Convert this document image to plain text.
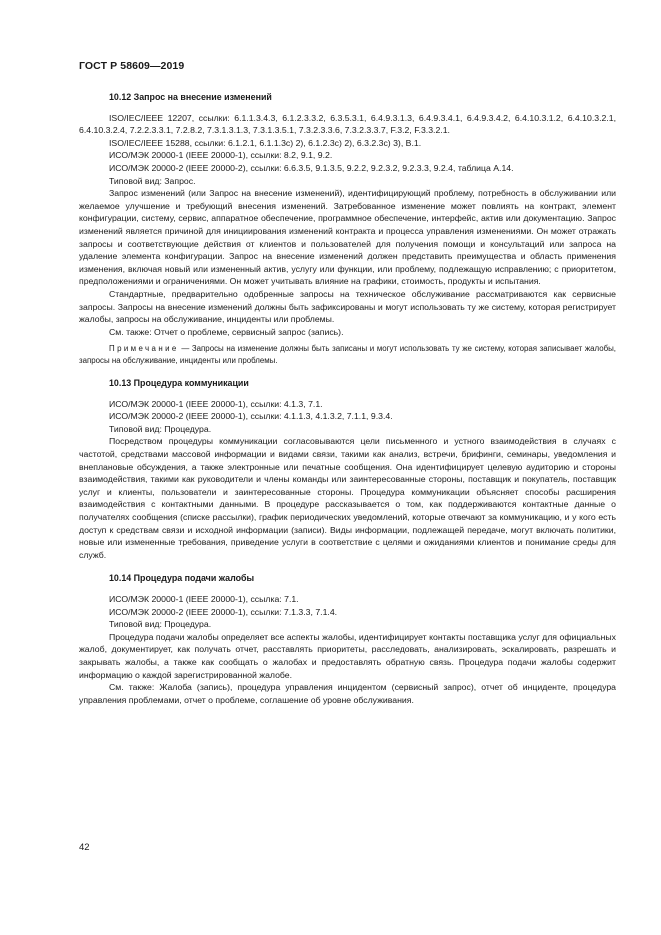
ГОСТ Р 58609—2019

10.12 Запрос на внесение изменений

ISO/IEC/IEEE 12207, ссылки: 6.1.1.3.4.3, 6.1.2.3.3.2, 6.3.5.3.1, 6.4.9.3.1.3, 6.4.9.3.4.1, 6.4.9.3.4.2, 6.4.10.3.1.2, 6.4.10.3.2.1, 6.4.10.3.2.4, 7.2.2.3.3.1, 7.2.8.2, 7.3.1.3.1.3, 7.3.1.3.5.1, 7.3.2.3.3.6, 7.3.2.3.3.7, F.3.2, F.3.3.2.1.

ISO/IEC/IEEE 15288, ссылки: 6.1.2.1, 6.1.1.3c) 2), 6.1.2.3c) 2), 6.3.2.3c) 3), B.1.

ИСО/МЭК 20000-1 (IEEE 20000-1), ссылки: 8.2, 9.1, 9.2.

ИСО/МЭК 20000-2 (IEEE 20000-2), ссылки: 6.6.3.5, 9.1.3.5, 9.2.2, 9.2.3.2, 9.2.3.3, 9.2.4, таблица A.14.

Типовой вид: Запрос.

Запрос изменений (или Запрос на внесение изменений), идентифицирующий проблему, потребность в обслуживании или желаемое улучшение и требующий внесения изменений. Затребованное изменение может повлиять на контракт, элемент конфигурации, систему, сервис, аппаратное обеспечение, программное обеспечение, интерфейс, актив или документацию. Запрос изменений является причиной для инициирования изменений контракта и процесса управления изменениями. Он может отражать запросы и соответствующие действия от клиентов и пользователей для получения помощи и консультаций или запроса на удаление элемента конфигурации. Запрос на внесение изменений должен представить преимущества и область применения изменения, включая новый или измененный актив, услугу или функции, или проблему, подлежащую исправлению; с приоритетом, предположениями и ограничениями. Он может учитывать влияние на графики, стоимость, продукты и испытания.

Стандартные, предварительно одобренные запросы на техническое обслуживание рассматриваются как сервисные запросы. Запросы на внесение изменений должны быть зафиксированы и могут использовать ту же систему, которая регистрирует жалобы, запросы на обслуживание, инциденты или проблемы.

См. также: Отчет о проблеме, сервисный запрос (запись).

Примечание — Запросы на изменение должны быть записаны и могут использовать ту же систему, которая записывает жалобы, запросы на обслуживание, инциденты или проблемы.

10.13 Процедура коммуникации

ИСО/МЭК 20000-1 (IEEE 20000-1), ссылки: 4.1.3, 7.1.

ИСО/МЭК 20000-2 (IEEE 20000-1), ссылки: 4.1.1.3, 4.1.3.2, 7.1.1, 9.3.4.

Типовой вид: Процедура.

Посредством процедуры коммуникации согласовываются цели письменного и устного взаимодействия в случаях с частотой, средствами массовой информации и видами связи, такими как анализ, встречи, брифинги, семинары, уведомления и внеплановые обсуждения, а также электронные или печатные сообщения. Она идентифицирует целевую аудиторию и стороны взаимодействия, такими как руководители и члены команды или заинтересованные стороны, поставщик и покупатель, поставщик услуг и клиенты, пользователи и заинтересованные стороны. Процедура коммуникации объясняет способы расширения взаимодействия с контактными данными. В процедуре рассказывается о том, как поддерживаются контактные данные о получателях сообщения (списке рассылки), график периодических уведомлений, которые отвечают за коммуникацию, и у кого есть доступ к средствам связи и исходной информации (записи). Виды информации, подлежащей передаче, могут включать политики, новые или измененные требования, приведение услуги в соответствие с целями и ожиданиями клиентов и понимание среды для служб.

10.14 Процедура подачи жалобы

ИСО/МЭК 20000-1 (IEEE 20000-1), ссылка: 7.1.

ИСО/МЭК 20000-2 (IEEE 20000-1), ссылки: 7.1.3.3, 7.1.4.

Типовой вид: Процедура.

Процедура подачи жалобы определяет все аспекты жалобы, идентифицирует контакты поставщика услуг для официальных жалоб, документирует, как получать отчет, расставлять приоритеты, расследовать, анализировать, эскалировать, разрешать и закрывать жалобы, а также как сообщать о жалобах и предоставлять обратную связь. Процедура подачи жалобы содержит информацию о каждой зарегистрированной жалобе.

См. также: Жалоба (запись), процедура управления инцидентом (сервисный запрос), отчет об инциденте, процедура управления проблемами, отчет о проблеме, соглашение об уровне обслуживания.

42
